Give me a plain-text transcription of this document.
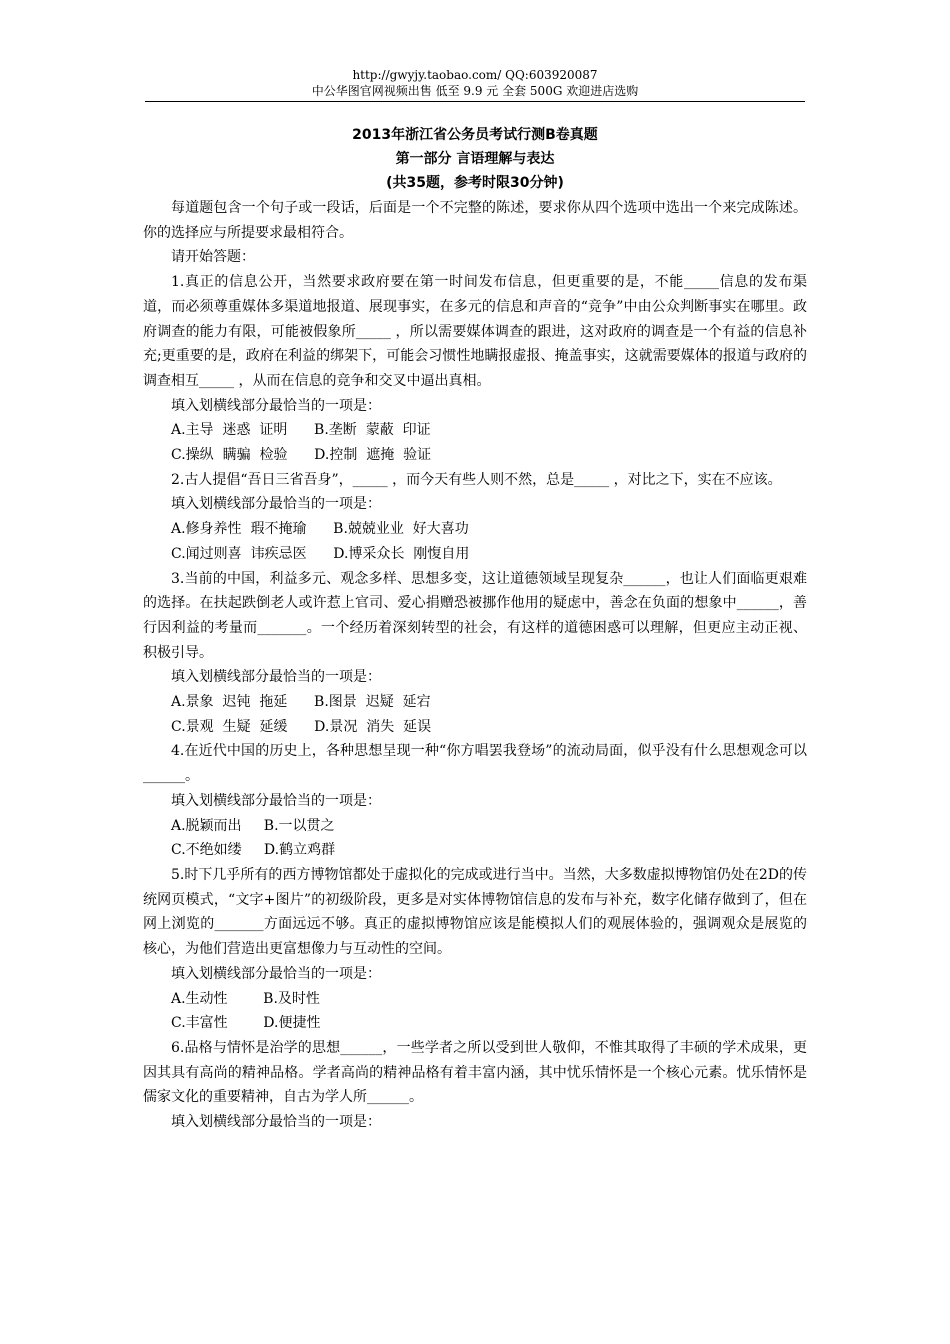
http://gwyjy.taobao.com/ QQ:603920087
中公华图官网视频出售 低至 9.9 元 全套 500G 欢迎进店选购
2013年浙江省公务员考试行测B卷真题
第一部分 言语理解与表达
(共35题，参考时限30分钟)

每道题包含一个句子或一段话，后面是一个不完整的陈述，要求你从四个选项中选出一个来完成陈述。你的选择应与所提要求最相符合。

请开始答题：

1.真正的信息公开，当然要求政府要在第一时间发布信息，但更重要的是，不能_____信息的发布渠道，而必须尊重媒体多渠道地报道、展现事实，在多元的信息和声音的“竞争”中由公众判断事实在哪里。政府调查的能力有限，可能被假象所_____ ，所以需要媒体调查的跟进，这对政府的调查是一个有益的信息补充;更重要的是，政府在利益的绑架下，可能会习惯性地瞒报虚报、掩盖事实，这就需要媒体的报道与政府的调查相互_____ ，从而在信息的竞争和交叉中逼出真相。

填入划横线部分最恰当的一项是：

A.主导  迷惑  证明      B.垄断  蒙蔽  印证
C.操纵  瞒骗  检验      D.控制  遮掩  验证

2.古人提倡“吾日三省吾身”，_____ ，而今天有些人则不然，总是_____ ，对比之下，实在不应该。

填入划横线部分最恰当的一项是：

A.修身养性  瑕不掩瑜      B.兢兢业业  好大喜功
C.闻过则喜  讳疾忌医      D.博采众长  刚愎自用

3.当前的中国，利益多元、观念多样、思想多变，这让道德领域呈现复杂______，也让人们面临更艰难的选择。在扶起跌倒老人或许惹上官司、爱心捐赠恐被挪作他用的疑虑中，善念在负面的想象中______，善行因利益的考量而_______。一个经历着深刻转型的社会，有这样的道德困惑可以理解，但更应主动正视、积极引导。

填入划横线部分最恰当的一项是：

A.景象  迟钝  拖延      B.图景  迟疑  延宕
C.景观  生疑  延缓      D.景况  消失  延误

4.在近代中国的历史上，各种思想呈现一种“你方唱罢我登场”的流动局面，似乎没有什么思想观念可以______。

填入划横线部分最恰当的一项是：

A.脱颖而出     B.一以贯之
C.不绝如缕     D.鹤立鸡群

5.时下几乎所有的西方博物馆都处于虚拟化的完成或进行当中。当然，大多数虚拟博物馆仍处在2D的传统网页模式，“文字+图片”的初级阶段，更多是对实体博物馆信息的发布与补充，数字化储存做到了，但在网上浏览的_______方面远远不够。真正的虚拟博物馆应该是能模拟人们的观展体验的，强调观众是展览的核心，为他们营造出更富想像力与互动性的空间。

填入划横线部分最恰当的一项是：

A.生动性        B.及时性
C.丰富性        D.便捷性

6.品格与情怀是治学的思想______，一些学者之所以受到世人敬仰，不惟其取得了丰硕的学术成果，更因其具有高尚的精神品格。学者高尚的精神品格有着丰富内涵，其中忧乐情怀是一个核心元素。忧乐情怀是儒家文化的重要精神，自古为学人所______。

填入划横线部分最恰当的一项是：
